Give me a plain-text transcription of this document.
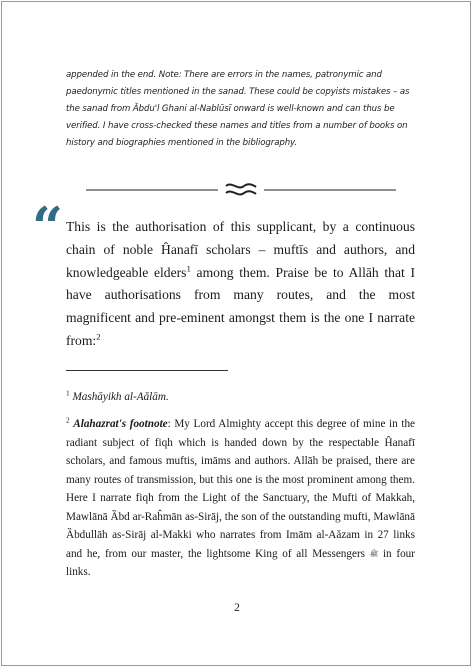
appended in the end. Note: There are errors in the names, patronymic and paedonymic titles mentioned in the sanad. These could be copyists mistakes – as the sanad from Ȁbdu'l Ghani al-Nablūsī onward is well-known and can thus be verified. I have cross-checked these names and titles from a number of books on history and biographies mentioned in the bibliography.

“ This is the authorisation of this supplicant, by a continuous chain of noble Ĥanafī scholars – muftīs and authors, and knowledgeable elders$^1$ among them. Praise be to Allāh that I have authorisations from many routes, and the most magnificent and pre-eminent amongst them is the one I narrate from:$^2$

$^1$ Mashāyikh al-Aălām.

$^2$ Alahazrat's footnote: My Lord Almighty accept this degree of mine in the radiant subject of fiqh which is handed down by the respectable Ĥanafī scholars, and famous muftis, imāms and authors. Allāh be praised, there are many routes of transmission, but this one is the most prominent among them. Here I narrate fiqh from the Light of the Sanctuary, the Mufti of Makkah, Mawlānā Ȁbd ar-Raĥmān as-Sirāj, the son of the outstanding mufti, Mawlānā Ȁbdullāh as-Sirāj al-Makki who narrates from Imām al-Aǎzam in 27 links and he, from our master, the lightsome King of all Messengers ﷺ in four links.

2
